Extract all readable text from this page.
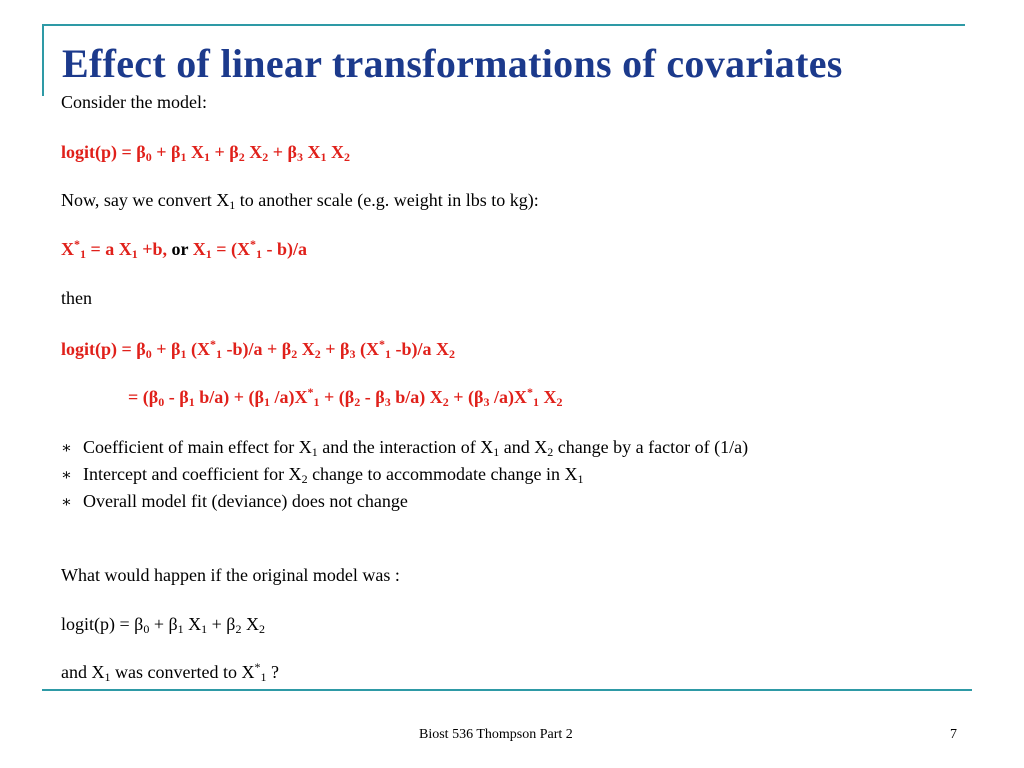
Effect of linear transformations of covariates
Consider the model:
logit(p) = $\beta_0 + \beta_1$ $X_1 + \beta_2$ $X_2 + \beta_3$ $X_1$ $X_2$
Now, say we convert $X_1$ to another scale (e.g. weight in lbs to kg):
$X^*_1 = a$ $X_1 +b$, or $X_1 = (X^*_1 - b)/a$
then
logit(p) = $\beta_0 + \beta_1$ ($X^*_1$ $-b)/a + \beta_2$ $X_2 + \beta_3$ ($X^*_1$ -b)/a $X_2$
= ($\beta_0 - \beta_1$ $b/a) + (\beta_1$ $/a)X^*_1 + (\beta_2 - \beta_3$ b/a) $X_2 + (\beta_3$ $/a)X^*_1$ $X_2$
∗ Coefficient of main effect for $X_1$ and the interaction of $X_1$ and $X_2$ change by a factor of (1/a)
∗ Intercept and coefficient for $X_2$ change to accommodate change in $X_1$
∗ Overall model fit (deviance) does not change
What would happen if the original model was :
logit(p) = $\beta_0 + \beta_1$ $X_1 + \beta_2$ $X_2$
and $X_1$ was converted to $X^*_1$ ?
Biost 536 Thompson Part 2	7
